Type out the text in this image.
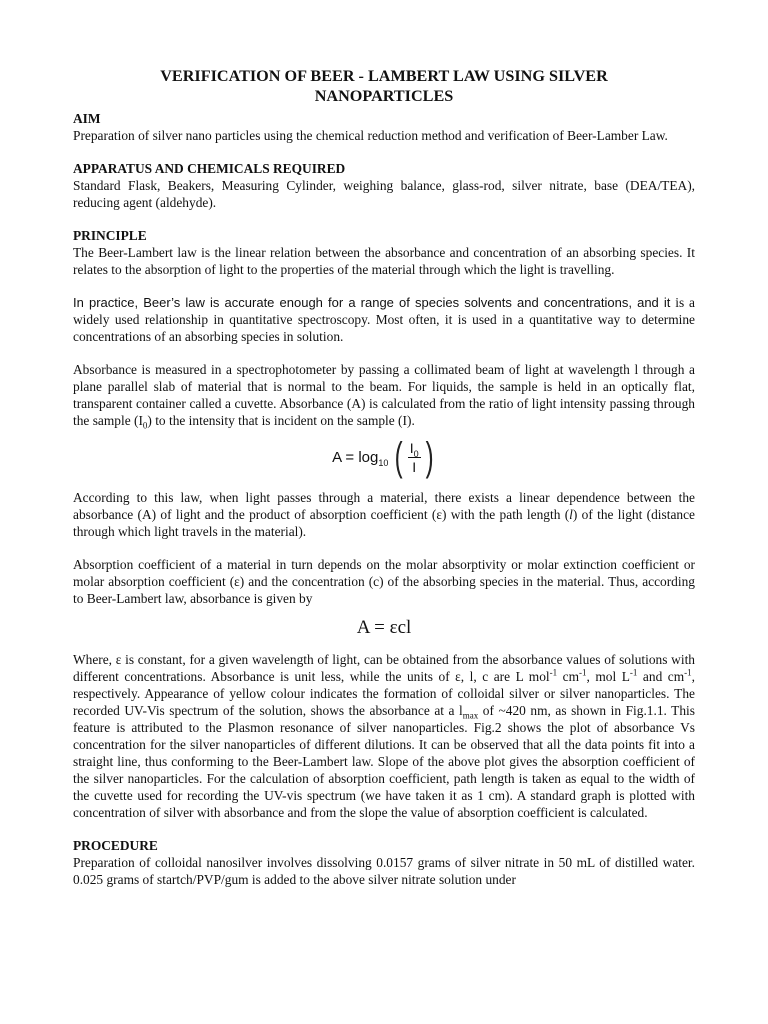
VERIFICATION OF BEER - LAMBERT LAW USING SILVER
NANOPARTICLES
AIM

Preparation of silver nano particles using the chemical reduction method and verification of Beer-Lamber Law.

APPARATUS AND CHEMICALS REQUIRED

Standard Flask, Beakers, Measuring Cylinder, weighing balance, glass-rod, silver nitrate, base (DEA/TEA), reducing agent (aldehyde).

PRINCIPLE

The Beer-Lambert law is the linear relation between the absorbance and concentration of an absorbing species. It relates to the absorption of light to the properties of the material through which the light is travelling.

In practice, Beer’s law is accurate enough for a range of species solvents and concentrations, and it is a widely used relationship in quantitative spectroscopy. Most often, it is used in a quantitative way to determine concentrations of an absorbing species in solution.

Absorbance is measured in a spectrophotometer by passing a collimated beam of light at wavelength l through a plane parallel slab of material that is normal to the beam. For liquids, the sample is held in an optically flat, transparent container called a cuvette. Absorbance (A) is calculated from the ratio of light intensity passing through the sample $(I_0)$ to the intensity that is incident on the sample (I).

$A = \log_{10}$ ( $\frac{I_0}{I}$ )

According to this law, when light passes through a material, there exists a linear dependence between the absorbance (A) of light and the product of absorption coefficient (ε) with the path length (l) of the light (distance through which light travels in the material).

Absorption coefficient of a material in turn depends on the molar absorptivity or molar extinction coefficient or molar absorption coefficient (ε) and the concentration (c) of the absorbing species in the material. Thus, according to Beer-Lambert law, absorbance is given by

A = εcl

Where, ε is constant, for a given wavelength of light, can be obtained from the absorbance values of solutions with different concentrations. Absorbance is unit less, while the units of ε, l, c are L mol$^{-1}$ $cm^{-1}$, mol $L^{-1}$ and $cm^{-1}$, respectively. Appearance of yellow colour indicates the formation of colloidal silver or silver nanoparticles. The recorded UV-Vis spectrum of the solution, shows the absorbance at a $l_{max}$ of ~420 nm, as shown in Fig.1.1. This feature is attributed to the Plasmon resonance of silver nanoparticles. Fig.2 shows the plot of absorbance Vs concentration for the silver nanoparticles of different dilutions. It can be observed that all the data points fit into a straight line, thus conforming to the Beer-Lambert law. Slope of the above plot gives the absorption coefficient of the silver nanoparticles. For the calculation of absorption coefficient, path length is taken as equal to the width of the cuvette used for recording the UV-vis spectrum (we have taken it as 1 cm). A standard graph is plotted with concentration of silver with absorbance and from the slope the value of absorption coefficient is calculated.

PROCEDURE

Preparation of colloidal nanosilver involves dissolving 0.0157 grams of silver nitrate in 50 mL of distilled water. 0.025 grams of startch/PVP/gum is added to the above silver nitrate solution under
